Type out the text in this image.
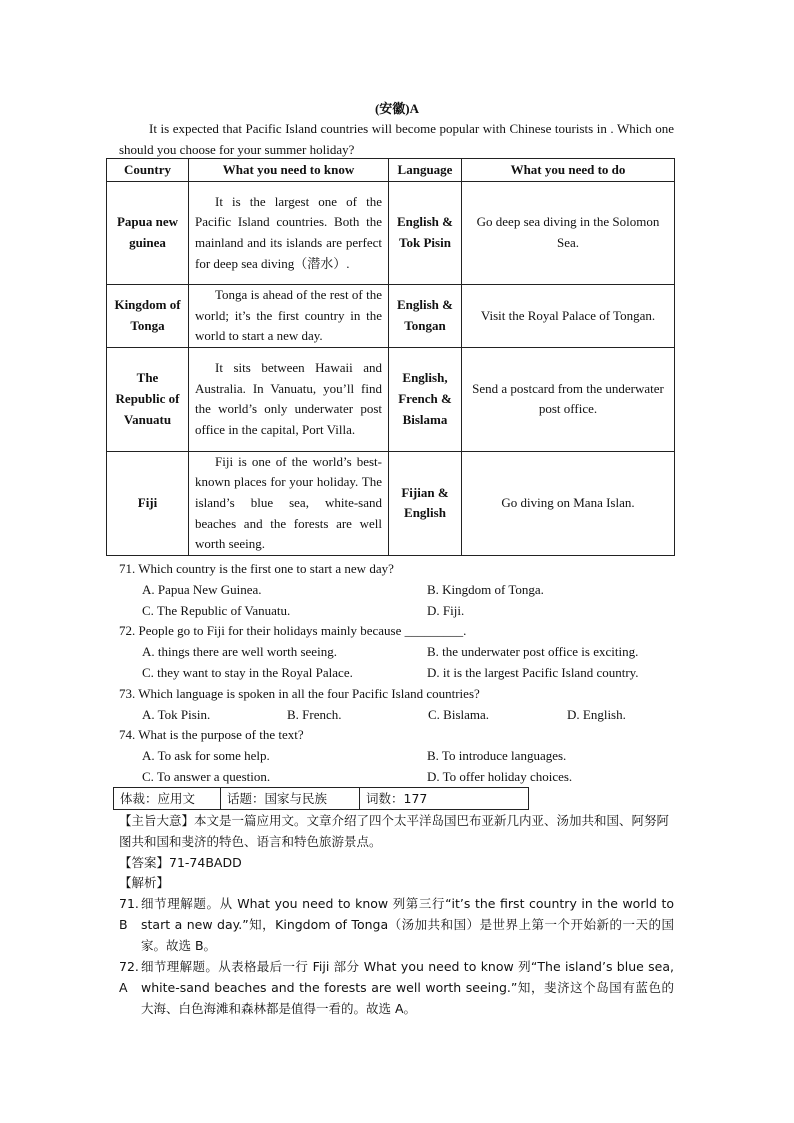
(安徽)A
It is expected that Pacific Island countries will become popular with Chinese tourists in . Which one should you choose for your summer holiday?
Country	What you need to know	Language	What you need to do
Papua new guinea	It is the largest one of the Pacific Island countries. Both the mainland and its islands are perfect for deep sea diving（潜水）.	English & Tok Pisin	Go deep sea diving in the Solomon Sea.
Kingdom of Tonga	Tonga is ahead of the rest of the world; it’s the first country in the world to start a new day.	English & Tongan	Visit the Royal Palace of Tongan.
The Republic of Vanuatu	It sits between Hawaii and Australia. In Vanuatu, you’ll find the world’s only underwater post office in the capital, Port Villa.	English, French & Bislama	Send a postcard from the underwater post office.
Fiji	Fiji is one of the world’s best-known places for your holiday. The island’s blue sea, white-sand beaches and the forests are well worth seeing.	Fijian & English	Go diving on Mana Islan.
71. Which country is the first one to start a new day?
A. Papua New Guinea.	B. Kingdom of Tonga.
C. The Republic of Vanuatu.	D. Fiji.
72. People go to Fiji for their holidays mainly because _________.
A. things there are well worth seeing.	B. the underwater post office is exciting.
C. they want to stay in the Royal Palace.	D. it is the largest Pacific Island country.
73. Which language is spoken in all the four Pacific Island countries?
A. Tok Pisin.	B. French.	C. Bislama.	D. English.
74. What is the purpose of the text?
A. To ask for some help.	B. To introduce languages.
C. To answer a question.	D. To offer holiday choices.
体裁：应用文	话题：国家与民族	词数：177
【主旨大意】本文是一篇应用文。文章介绍了四个太平洋岛国巴布亚新几内亚、汤加共和国、阿努阿图共和国和斐济的特色、语言和特色旅游景点。
【答案】71-74BADD
【解析】
71. B
细节理解题。从 What you need to know 列第三行“it’s the first country in the world to start a new day.”知，Kingdom of Tonga（汤加共和国）是世界上第一个开始新的一天的国家。故选 B。
72. A
细节理解题。从表格最后一行 Fiji 部分 What you need to know 列“The island’s blue sea, white-sand beaches and the forests are well worth seeing.”知，斐济这个岛国有蓝色的大海、白色海滩和森林都是值得一看的。故选 A。
